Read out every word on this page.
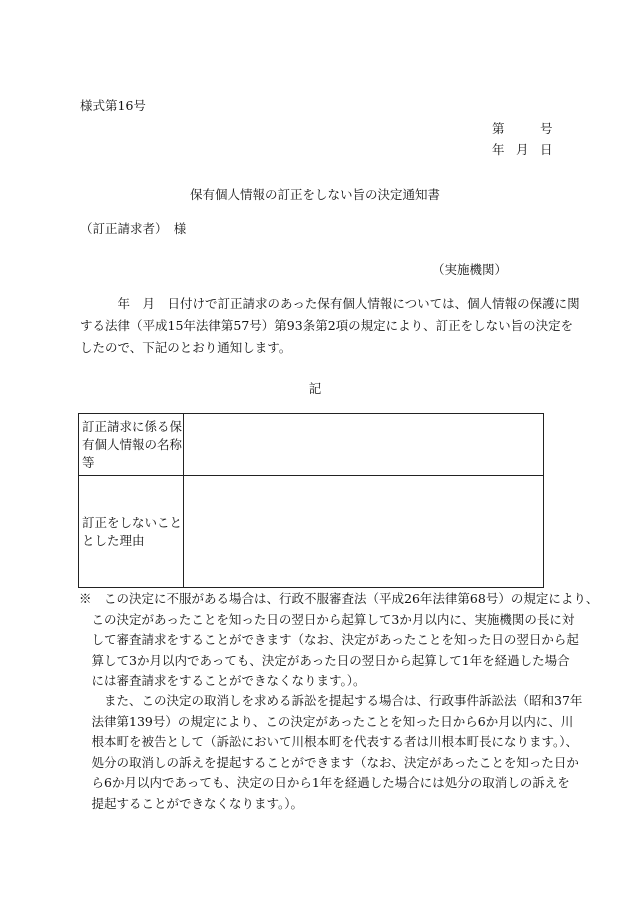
様式第16号
第	号
年 月 日
保有個人情報の訂正をしない旨の決定通知書
（訂正請求者）　様
（実施機関）
　　　年　月　日付けで訂正請求のあった保有個人情報については、個人情報の保護に関
する法律（平成15年法律第57号）第93条第2項の規定により、訂正をしない旨の決定を
したので、下記のとおり通知します。
記
訂正請求に係る保
有個人情報の名称
等	

訂正をしないこと
とした理由	

※　この決定に不服がある場合は、行政不服審査法（平成26年法律第68号）の規定により、
　この決定があったことを知った日の翌日から起算して3か月以内に、実施機関の長に対
　して審査請求をすることができます（なお、決定があったことを知った日の翌日から起
　算して3か月以内であっても、決定があった日の翌日から起算して1年を経過した場合
　には審査請求をすることができなくなります。）。
　　また、この決定の取消しを求める訴訟を提起する場合は、行政事件訴訟法（昭和37年
　法律第139号）の規定により、この決定があったことを知った日から6か月以内に、川
　根本町を被告として（訴訟において川根本町を代表する者は川根本町長になります。）、
　処分の取消しの訴えを提起することができます（なお、決定があったことを知った日か
　ら6か月以内であっても、決定の日から1年を経過した場合には処分の取消しの訴えを
　提起することができなくなります。）。
